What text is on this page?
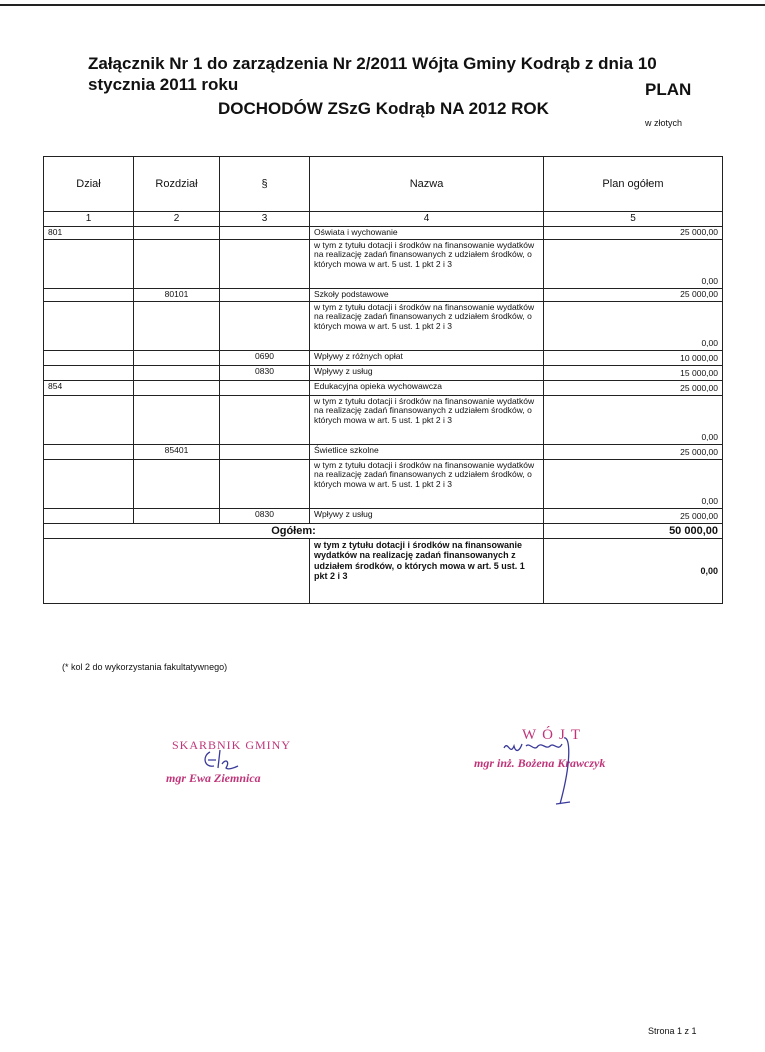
Załącznik Nr 1 do zarządzenia Nr 2/2011 Wójta Gminy Kodrąb z dnia 10
stycznia 2011 roku	PLAN
DOCHODÓW ZSzG Kodrąb NA 2012 ROK
w złotych
Dział	Rozdział	§	Nazwa	Plan ogółem
1	2	3	4	5
801			Oświata i wychowanie	25 000,00
			w tym z tytułu dotacji i środków na finansowanie wydatków na realizację zadań finansowanych z udziałem środków, o których mowa w art. 5 ust. 1 pkt 2 i 3	0,00
	80101		Szkoły podstawowe	25 000,00
			w tym z tytułu dotacji i środków na finansowanie wydatków na realizację zadań finansowanych z udziałem środków, o których mowa w art. 5 ust. 1 pkt 2 i 3	0,00
		0690	Wpływy z różnych opłat	10 000,00
		0830	Wpływy z usług	15 000,00
854			Edukacyjna opieka wychowawcza	25 000,00
			w tym z tytułu dotacji i środków na finansowanie wydatków na realizację zadań finansowanych z udziałem środków, o których mowa w art. 5 ust. 1 pkt 2 i 3	0,00
	85401		Świetlice szkolne	25 000,00
			w tym z tytułu dotacji i środków na finansowanie wydatków na realizację zadań finansowanych z udziałem środków, o których mowa w art. 5 ust. 1 pkt 2 i 3	0,00
		0830	Wpływy z usług	25 000,00
Ogółem:				50 000,00
			w tym z tytułu dotacji i środków na finansowanie wydatków na realizację zadań finansowanych z udziałem środków, o których mowa w art. 5 ust. 1 pkt 2 i 3	0,00
(* kol 2 do wykorzystania fakultatywnego)
SKARBNIK GMINY
mgr Ewa Ziemnica
WÓJT
mgr inż. Bożena Krawczyk
Strona 1 z 1
